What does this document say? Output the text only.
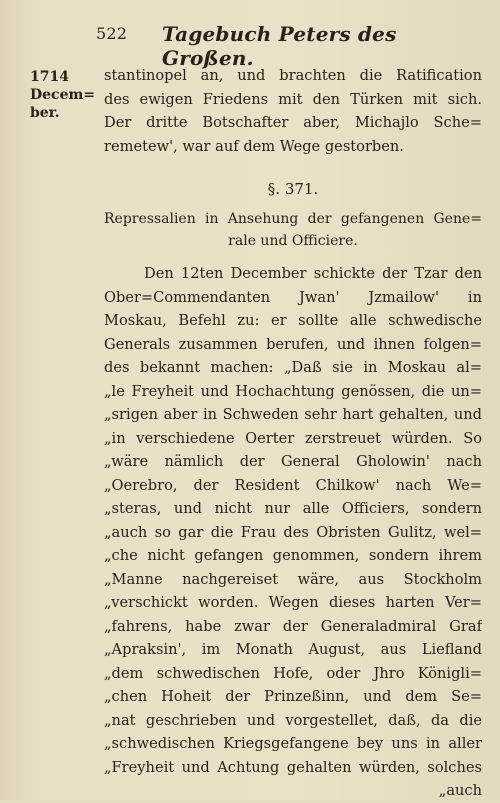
522 Tagebuch Peters des Großen.
1714
Decem=
ber.
stantinopel an, und brachten die Ratification
des ewigen Friedens mit den Türken mit sich.
Der dritte Botschafter aber, Michajlo Sche=
remetew', war auf dem Wege gestorben.
§. 371.
Repressalien in Ansehung der gefangenen Gene=
rale und Officiere.
Den 12ten December schickte der Tzar den
Ober=Commendanten Jwan' Jzmailow' in
Moskau, Befehl zu: er sollte alle schwedische
Generals zusammen berufen, und ihnen folgen=
des bekannt machen: „Daß sie in Moskau al=
„le Freyheit und Hochachtung genössen, die un=
„srigen aber in Schweden sehr hart gehalten, und
„in verschiedene Oerter zerstreuet würden. So
„wäre nämlich der General Gholowin' nach
„Oerebro, der Resident Chilkow' nach We=
„steras, und nicht nur alle Officiers, sondern
„auch so gar die Frau des Obristen Gulitz, wel=
„che nicht gefangen genommen, sondern ihrem
„Manne nachgereiset wäre, aus Stockholm
„verschickt worden. Wegen dieses harten Ver=
„fahrens, habe zwar der Generaladmiral Graf
„Apraksin', im Monath August, aus Liefland
„dem schwedischen Hofe, oder Jhro Königli=
„chen Hoheit der Prinzeßinn, und dem Se=
„nat geschrieben und vorgestellet, daß, da die
„schwedischen Kriegsgefangene bey uns in aller
„Freyheit und Achtung gehalten würden, solches
„auch
